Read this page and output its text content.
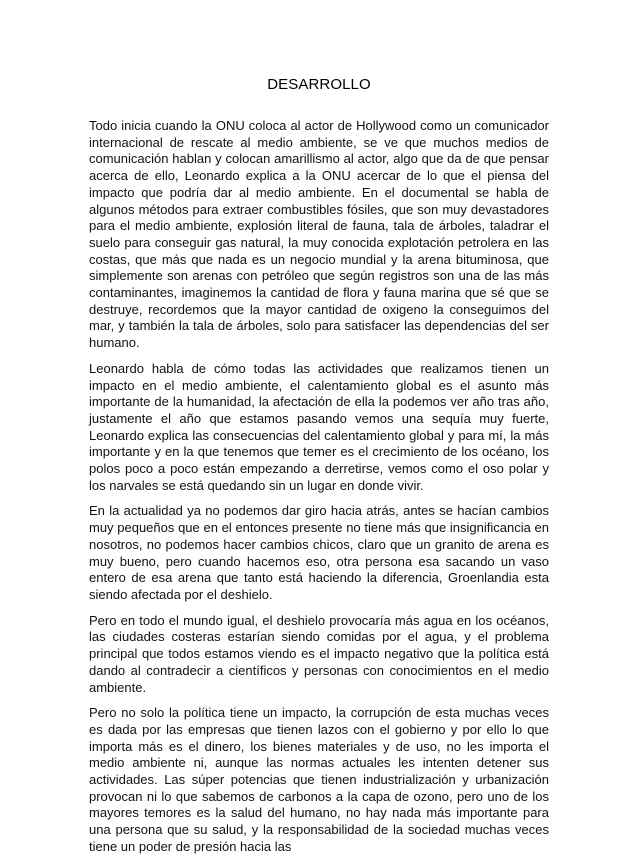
DESARROLLO

Todo inicia cuando la ONU coloca al actor de Hollywood como un comunicador internacional de rescate al medio ambiente, se ve que muchos medios de comunicación hablan y colocan amarillismo al actor, algo que da de que pensar acerca de ello, Leonardo explica a la ONU acercar de lo que el piensa del impacto que podría dar al medio ambiente. En el documental se habla de algunos métodos para extraer combustibles fósiles, que son muy devastadores para el medio ambiente, explosión literal de fauna, tala de árboles, taladrar el suelo para conseguir gas natural, la muy conocida explotación petrolera en las costas, que más que nada es un negocio mundial y la arena bituminosa, que simplemente son arenas con petróleo que según registros son una de las más contaminantes, imaginemos la cantidad de flora y fauna marina que sé que se destruye, recordemos que la mayor cantidad de oxigeno la conseguimos del mar, y también la tala de árboles, solo para satisfacer las dependencias del ser humano.

Leonardo habla de cómo todas las actividades que realizamos tienen un impacto en el medio ambiente, el calentamiento global es el asunto más importante de la humanidad, la afectación de ella la podemos ver año tras año, justamente el año que estamos pasando vemos una sequía muy fuerte, Leonardo explica las consecuencias del calentamiento global y para mí, la más importante y en la que tenemos que temer es el crecimiento de los océano, los polos poco a poco están empezando a derretirse, vemos como el oso polar y los narvales se está quedando sin un lugar en donde vivir.

En la actualidad ya no podemos dar giro hacia atrás, antes se hacían cambios muy pequeños que en el entonces presente no tiene más que insignificancia en nosotros, no podemos hacer cambios chicos, claro que un granito de arena es muy bueno, pero cuando hacemos eso, otra persona esa sacando un vaso entero de esa arena que tanto está haciendo la diferencia, Groenlandia esta siendo afectada por el deshielo.

Pero en todo el mundo igual, el deshielo provocaría más agua en los océanos, las ciudades costeras estarían siendo comidas por el agua, y el problema principal que todos estamos viendo es el impacto negativo que la política está dando al contradecir a científicos y personas con conocimientos en el medio ambiente.

Pero no solo la política tiene un impacto, la corrupción de esta muchas veces es dada por las empresas que tienen lazos con el gobierno y por ello lo que importa más es el dinero, los bienes materiales y de uso, no les importa el medio ambiente ni, aunque las normas actuales les intenten detener sus actividades. Las súper potencias que tienen industrialización y urbanización provocan ni lo que sabemos de carbonos a la capa de ozono, pero uno de los mayores temores es la salud del humano, no hay nada más importante para una persona que su salud, y la responsabilidad de la sociedad muchas veces tiene un poder de presión hacia las
